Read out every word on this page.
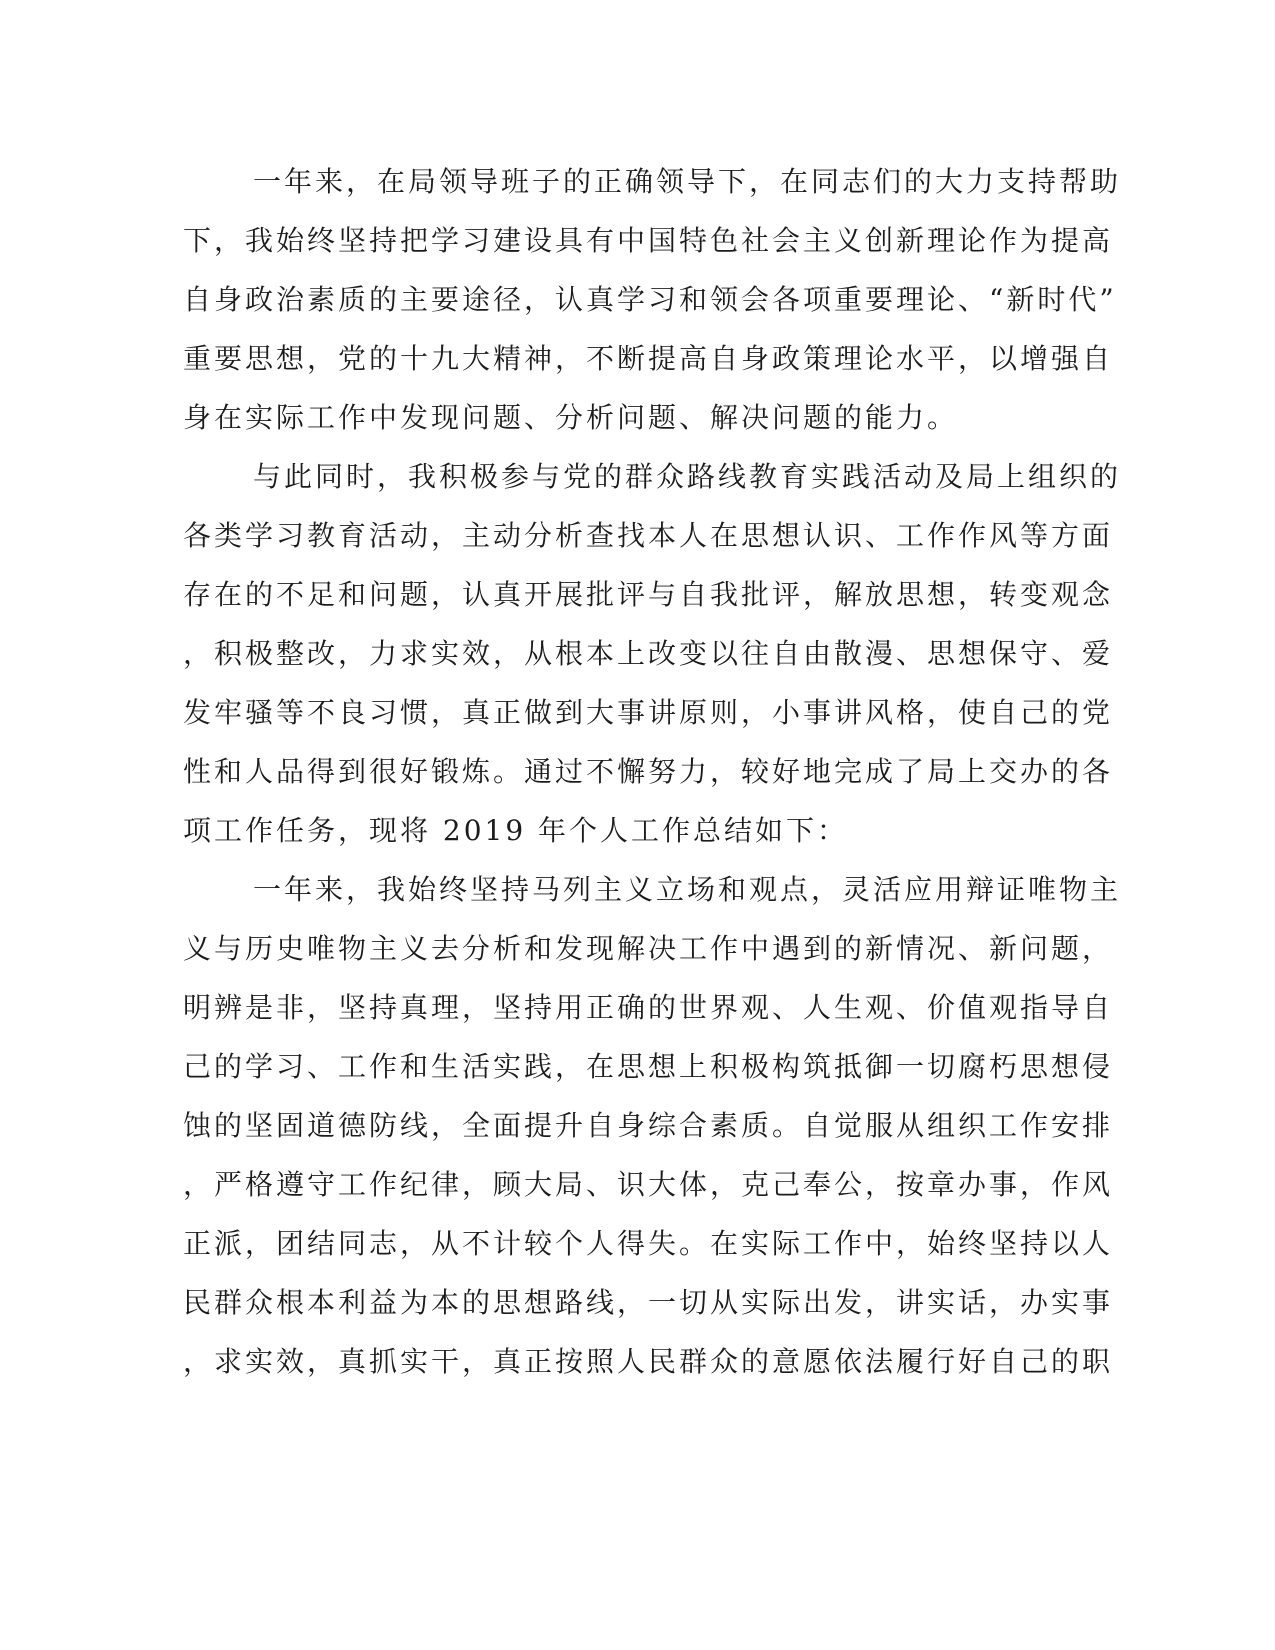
一年来，在局领导班子的正确领导下，在同志们的大力支持帮助
下，我始终坚持把学习建设具有中国特色社会主义创新理论作为提高
自身政治素质的主要途径，认真学习和领会各项重要理论、“新时代”
重要思想，党的十九大精神，不断提高自身政策理论水平，以增强自
身在实际工作中发现问题、分析问题、解决问题的能力。
与此同时，我积极参与党的群众路线教育实践活动及局上组织的
各类学习教育活动，主动分析查找本人在思想认识、工作作风等方面
存在的不足和问题，认真开展批评与自我批评，解放思想，转变观念
，积极整改，力求实效，从根本上改变以往自由散漫、思想保守、爱
发牢骚等不良习惯，真正做到大事讲原则，小事讲风格，使自己的党
性和人品得到很好锻炼。通过不懈努力，较好地完成了局上交办的各
项工作任务，现将 2019 年个人工作总结如下：
一年来，我始终坚持马列主义立场和观点，灵活应用辩证唯物主
义与历史唯物主义去分析和发现解决工作中遇到的新情况、新问题，
明辨是非，坚持真理，坚持用正确的世界观、人生观、价值观指导自
己的学习、工作和生活实践，在思想上积极构筑抵御一切腐朽思想侵
蚀的坚固道德防线，全面提升自身综合素质。自觉服从组织工作安排
，严格遵守工作纪律，顾大局、识大体，克己奉公，按章办事，作风
正派，团结同志，从不计较个人得失。在实际工作中，始终坚持以人
民群众根本利益为本的思想路线，一切从实际出发，讲实话，办实事
，求实效，真抓实干，真正按照人民群众的意愿依法履行好自己的职
